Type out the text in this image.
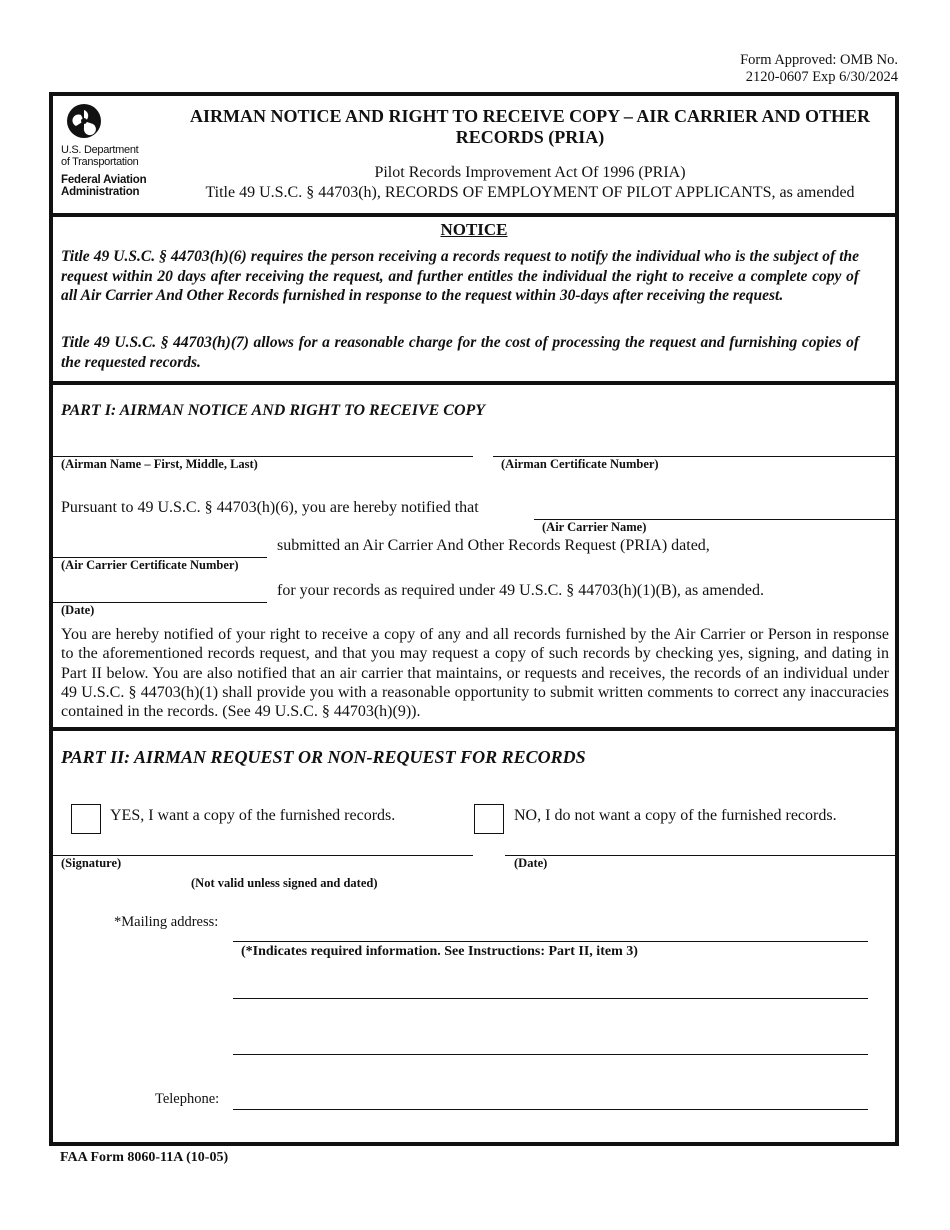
Form Approved: OMB No.
2120-0607 Exp 6/30/2024
U.S. Department
of Transportation
Federal Aviation
Administration
AIRMAN NOTICE AND RIGHT TO RECEIVE COPY – AIR CARRIER AND OTHER RECORDS (PRIA)
Pilot Records Improvement Act Of 1996 (PRIA)
Title 49 U.S.C. § 44703(h), RECORDS OF EMPLOYMENT OF PILOT APPLICANTS, as amended
NOTICE
Title 49 U.S.C. § 44703(h)(6) requires the person receiving a records request to notify the individual who is the subject of the request within 20 days after receiving the request, and further entitles the individual the right to receive a complete copy of all Air Carrier And Other Records furnished in response to the request within 30-days after receiving the request.
Title 49 U.S.C. § 44703(h)(7) allows for a reasonable charge for the cost of processing the request and furnishing copies of the requested records.
PART I: AIRMAN NOTICE AND RIGHT TO RECEIVE COPY
(Airman Name – First, Middle, Last)	(Airman Certificate Number)
Pursuant to 49 U.S.C. § 44703(h)(6), you are hereby notified that
(Air Carrier Name)
submitted an Air Carrier And Other Records Request (PRIA) dated,
(Air Carrier Certificate Number)
for your records as required under 49 U.S.C. § 44703(h)(1)(B), as amended.
(Date)
You are hereby notified of your right to receive a copy of any and all records furnished by the Air Carrier or Person in response to the aforementioned records request, and that you may request a copy of such records by checking yes, signing, and dating in Part II below. You are also notified that an air carrier that maintains, or requests and receives, the records of an individual under 49 U.S.C. § 44703(h)(1) shall provide you with a reasonable opportunity to submit written comments to correct any inaccuracies contained in the records. (See 49 U.S.C. § 44703(h)(9)).
PART II: AIRMAN REQUEST OR NON-REQUEST FOR RECORDS
YES, I want a copy of the furnished records.	NO, I do not want a copy of the furnished records.
(Signature)	(Date)
(Not valid unless signed and dated)
*Mailing address:
(*Indicates required information. See Instructions: Part II, item 3)
Telephone:
FAA Form 8060-11A (10-05)
